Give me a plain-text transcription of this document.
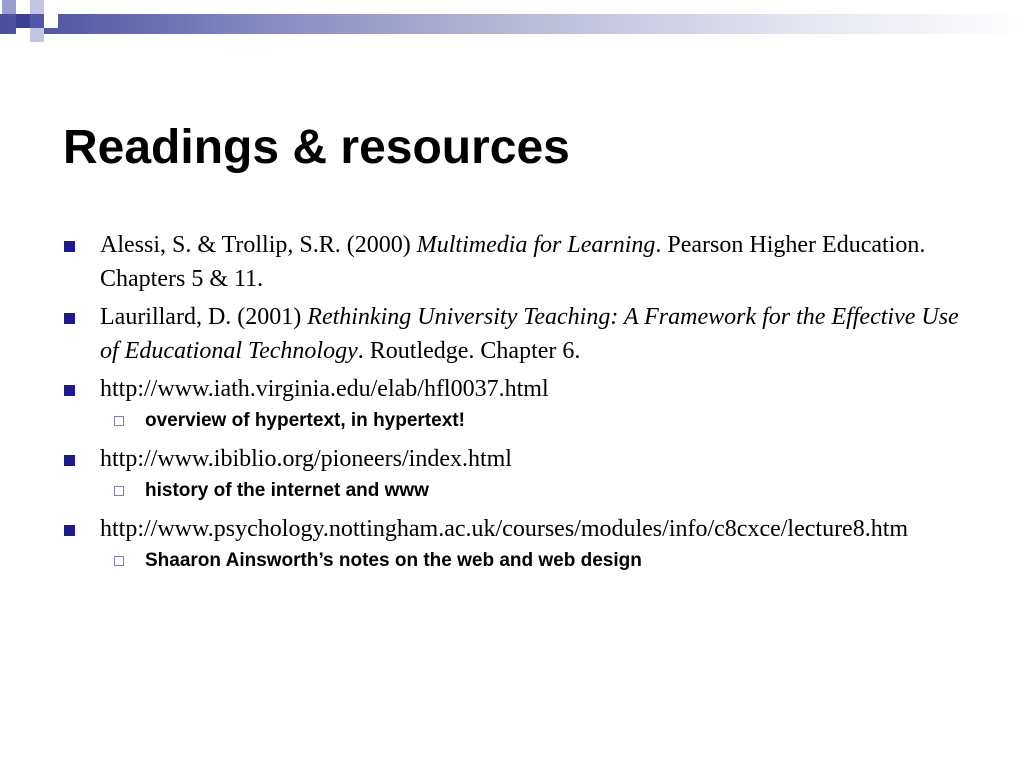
Readings & resources
Alessi, S. & Trollip, S.R. (2000) Multimedia for Learning. Pearson Higher Education. Chapters 5 & 11.
Laurillard, D. (2001) Rethinking University Teaching: A Framework for the Effective Use of Educational Technology. Routledge. Chapter 6.
http://www.iath.virginia.edu/elab/hfl0037.html
overview of hypertext, in hypertext!
http://www.ibiblio.org/pioneers/index.html
history of the internet and www
http://www.psychology.nottingham.ac.uk/courses/modules/info/c8cxce/lecture8.htm
Shaaron Ainsworth’s notes on the web and web design
